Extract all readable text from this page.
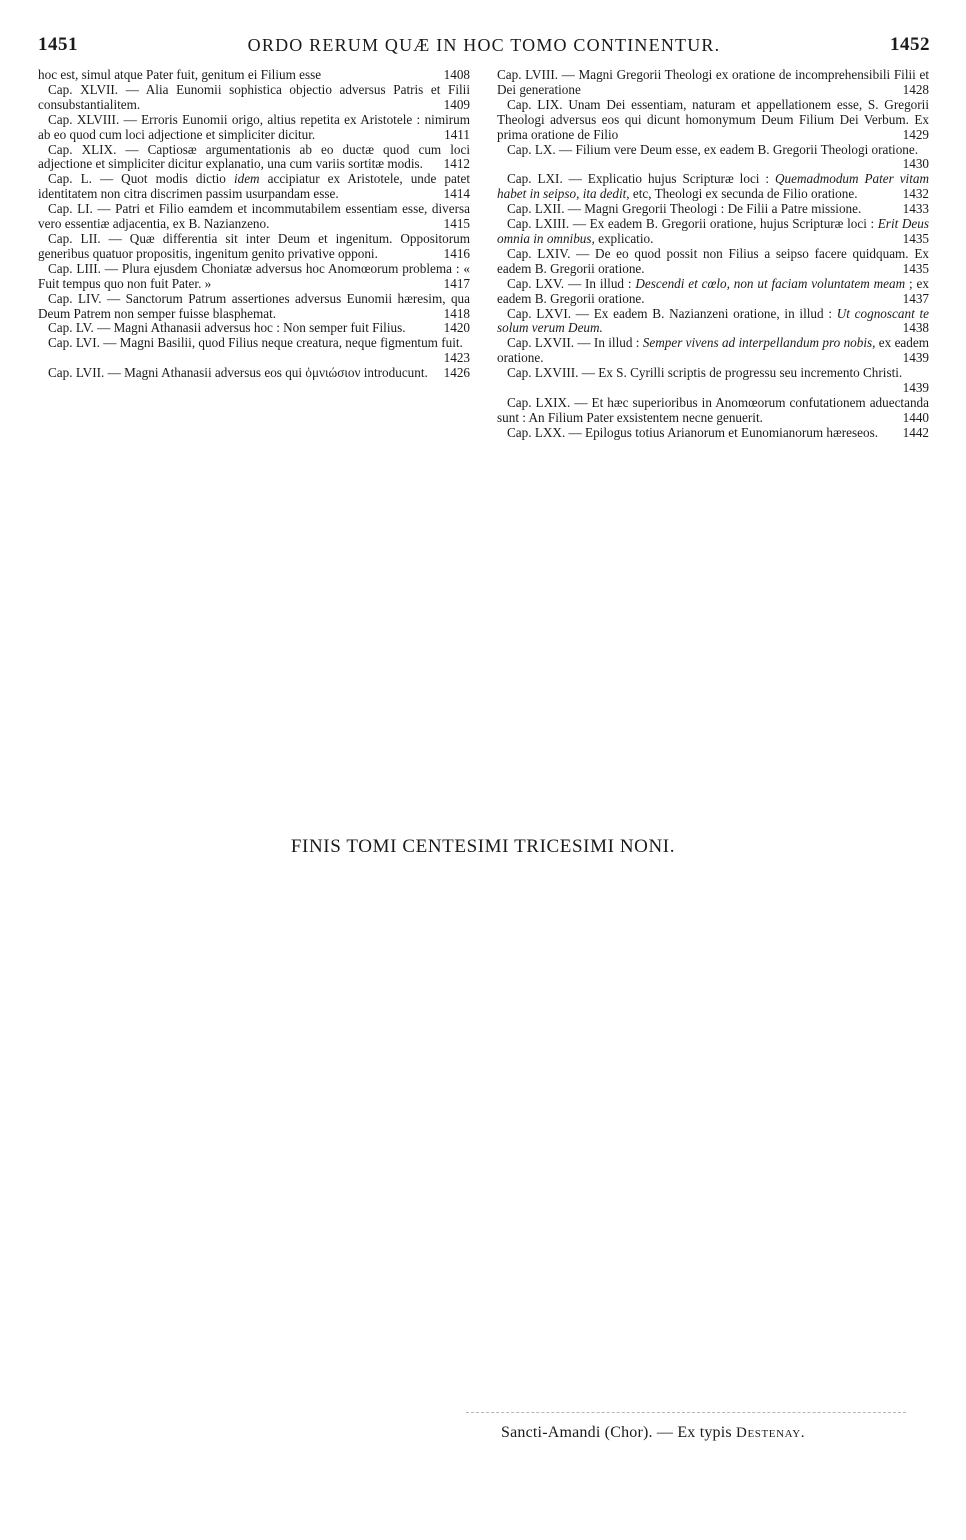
1451	ORDO RERUM QUÆ IN HOC TOMO CONTINENTUR.	1452

hoc est, simul atque Pater fuit, genitum ei Filium esse	1408

Cap. XLVII. — Alia Eunomii sophistica objectio adversus Patris et Filii consubstantialitem.	1409

Cap. XLVIII. — Erroris Eunomii origo, altius repetita ex Aristotele : nimirum ab eo quod cum loci adjectione et simpliciter dicitur.	1411

Cap. XLIX. — Captiosæ argumentationis ab eo ductæ quod cum loci adjectione et simpliciter dicitur explanatio, una cum variis sortitæ modis.	1412

Cap. L. — Quot modis dictio idem accipiatur ex Aristotele, unde patet identitatem non citra discrimen passim usurpandam esse.	1414

Cap. LI. — Patri et Filio eamdem et incommutabilem essentiam esse, diversa vero essentiæ adjacentia, ex B. Nazianzeno.	1415

Cap. LII. — Quæ differentia sit inter Deum et ingenitum. Oppositorum generibus quatuor propositis, ingenitum genito privative opponi.	1416

Cap. LIII. — Plura ejusdem Choniatæ adversus hoc Anomœorum problema : « Fuit tempus quo non fuit Pater. »	1417

Cap. LIV. — Sanctorum Patrum assertiones adversus Eunomii hæresim, qua Deum Patrem non semper fuisse blasphemat.	1418

Cap. LV. — Magni Athanasii adversus hoc : Non semper fuit Filius.	1420

Cap. LVI. — Magni Basilii, quod Filius neque creatura, neque figmentum fuit.
1423

Cap. LVII. — Magni Athanasii adversus eos qui ὁμνιώσιον introducunt.	1426

Cap. LVIII. — Magni Gregorii Theologi ex oratione de incomprehensibili Filii et Dei generatione	1428

Cap. LIX. Unam Dei essentiam, naturam et appellationem esse, S. Gregorii Theologi adversus eos qui dicunt homonymum Deum Filium Dei Verbum. Ex prima oratione de Filio	1429

Cap. LX. — Filium vere Deum esse, ex eadem B. Gregorii Theologi oratione.
1430

Cap. LXI. — Explicatio hujus Scripturæ loci : Quemadmodum Pater vitam habet in seipso, ita dedit, etc, Theologi ex secunda de Filio oratione.	1432

Cap. LXII. — Magni Gregorii Theologi : De Filii a Patre missione.	1433

Cap. LXIII. — Ex eadem B. Gregorii oratione, hujus Scripturæ loci : Erit Deus omnia in omnibus, explicatio.	1435

Cap. LXIV. — De eo quod possit non Filius a seipso facere quidquam. Ex eadem B. Gregorii oratione.	1435

Cap. LXV. — In illud : Descendi et cœlo, non ut faciam voluntatem meam ; ex eadem B. Gregorii oratione.	1437

Cap. LXVI. — Ex eadem B. Nazianzeni oratione, in illud : Ut cognoscant te solum verum Deum.	1438

Cap. LXVII. — In illud : Semper vivens ad interpellandum pro nobis, ex eadem oratione.	1439

Cap. LXVIII. — Ex S. Cyrilli scriptis de progressu seu incremento Christi.
1439

Cap. LXIX. — Et hæc superioribus in Anomœorum confutationem aduectanda sunt : An Filium Pater exsistentem necne genuerit.	1440

Cap. LXX. — Epilogus totius Arianorum et Eunomianorum hæreseos.	1442

FINIS TOMI CENTESIMI TRICESIMI NONI.
Sancti-Amandi (Chor). — Ex typis Destenay.
